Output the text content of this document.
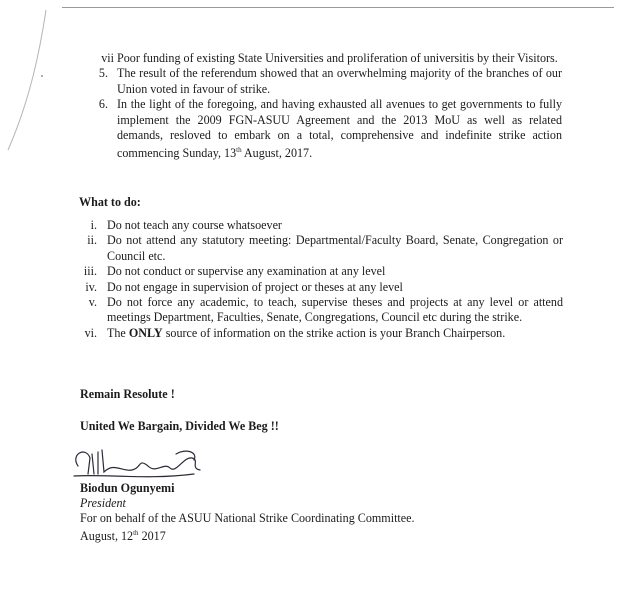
vii Poor funding of existing State Universities and proliferation of universitis by their Visitors.
5. The result of the referendum showed that an overwhelming majority of the branches of our Union voted in favour of strike.
6. In the light of the foregoing, and having exhausted all avenues to get governments to fully implement the 2009 FGN-ASUU Agreement and the 2013 MoU as well as related demands, resloved to embark on a total, comprehensive and indefinite strike action commencing Sunday, 13th August, 2017.
What to do:
i. Do not teach any course whatsoever
ii. Do not attend any statutory meeting: Departmental/Faculty Board, Senate, Congregation or Council etc.
iii. Do not conduct or supervise any examination at any level
iv. Do not engage in supervision of project or theses at any level
v. Do not force any academic, to teach, supervise theses and projects at any level or attend meetings Department, Faculties, Senate, Congregations, Council etc during the strike.
vi. The ONLY source of information on the strike action is your Branch Chairperson.
Remain Resolute !
United We Bargain, Divided We Beg !!
Biodun Ogunyemi
President
For on behalf of the ASUU National Strike Coordinating Committee.
August, 12th 2017
